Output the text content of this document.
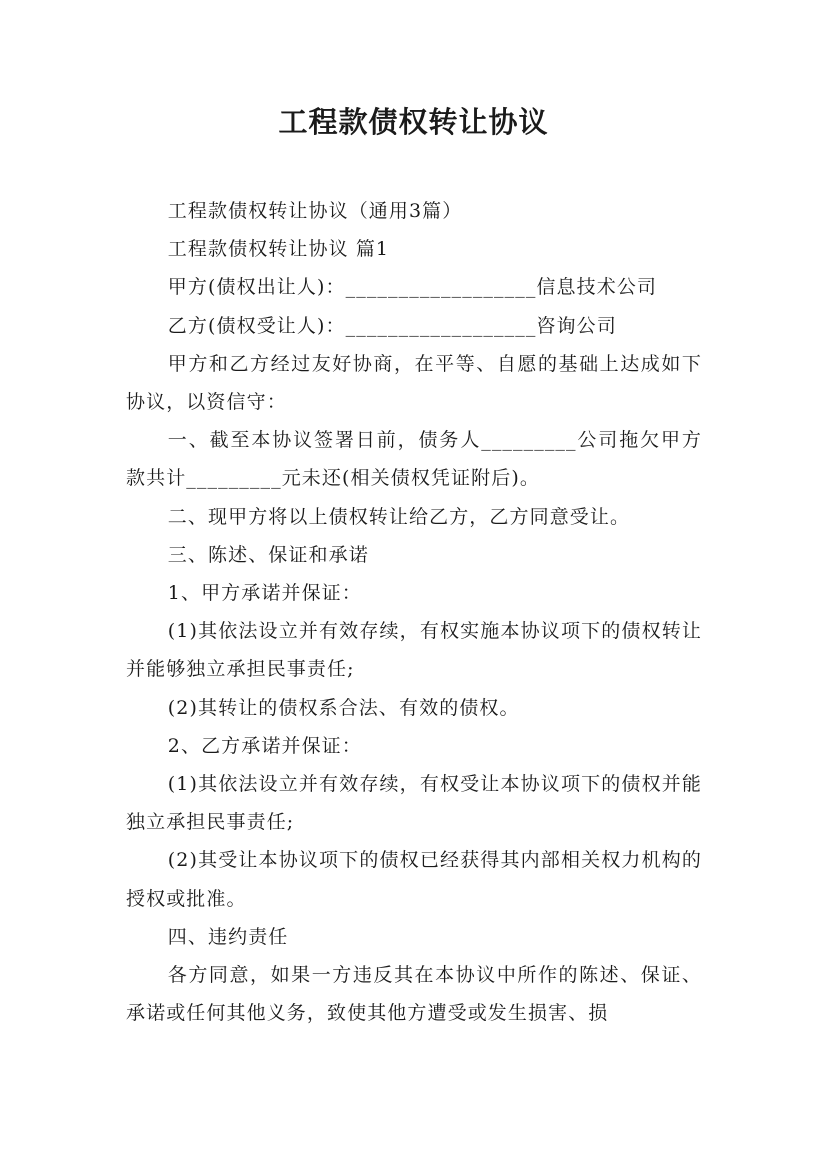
工程款债权转让协议

工程款债权转让协议（通用3篇）

工程款债权转让协议 篇1

甲方(债权出让人)：__________________信息技术公司

乙方(债权受让人)：__________________咨询公司

甲方和乙方经过友好协商，在平等、自愿的基础上达成如下协议，以资信守：

一、截至本协议签署日前，债务人_________公司拖欠甲方款共计_________元未还(相关债权凭证附后)。

二、现甲方将以上债权转让给乙方，乙方同意受让。

三、陈述、保证和承诺

1、甲方承诺并保证：

(1)其依法设立并有效存续，有权实施本协议项下的债权转让并能够独立承担民事责任;

(2)其转让的债权系合法、有效的债权。

2、乙方承诺并保证：

(1)其依法设立并有效存续，有权受让本协议项下的债权并能独立承担民事责任;

(2)其受让本协议项下的债权已经获得其内部相关权力机构的授权或批准。

四、违约责任

各方同意，如果一方违反其在本协议中所作的陈述、保证、承诺或任何其他义务，致使其他方遭受或发生损害、损
